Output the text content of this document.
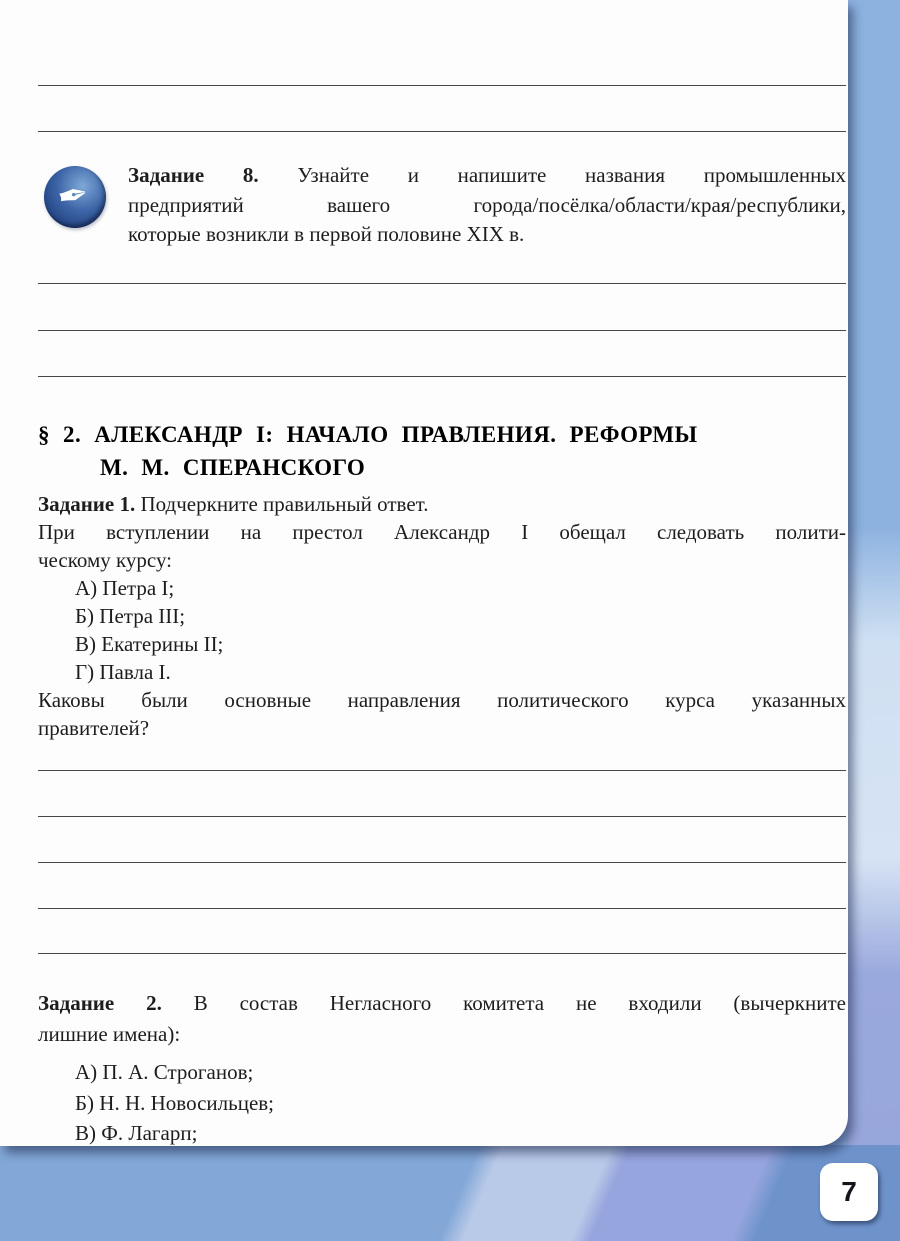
✒ Задание 8. Узнайте и напишите названия промышленных
предприятий вашего города/посёлка/области/края/республики,
которые возникли в первой половине XIX в.
§ 2. АЛЕКСАНДР I: НАЧАЛО ПРАВЛЕНИЯ. РЕФОРМЫ
М. М. СПЕРАНСКОГО
Задание 1. Подчеркните правильный ответ.
При вступлении на престол Александр I обещал следовать полити-
ческому курсу:
А) Петра I;
Б) Петра III;
В) Екатерины II;
Г) Павла I.
Каковы были основные направления политического курса указанных
правителей?
Задание 2. В состав Негласного комитета не входили (вычеркните
лишние имена):
А) П. А. Строганов;
Б) Н. Н. Новосильцев;
В) Ф. Лагарп;
7
